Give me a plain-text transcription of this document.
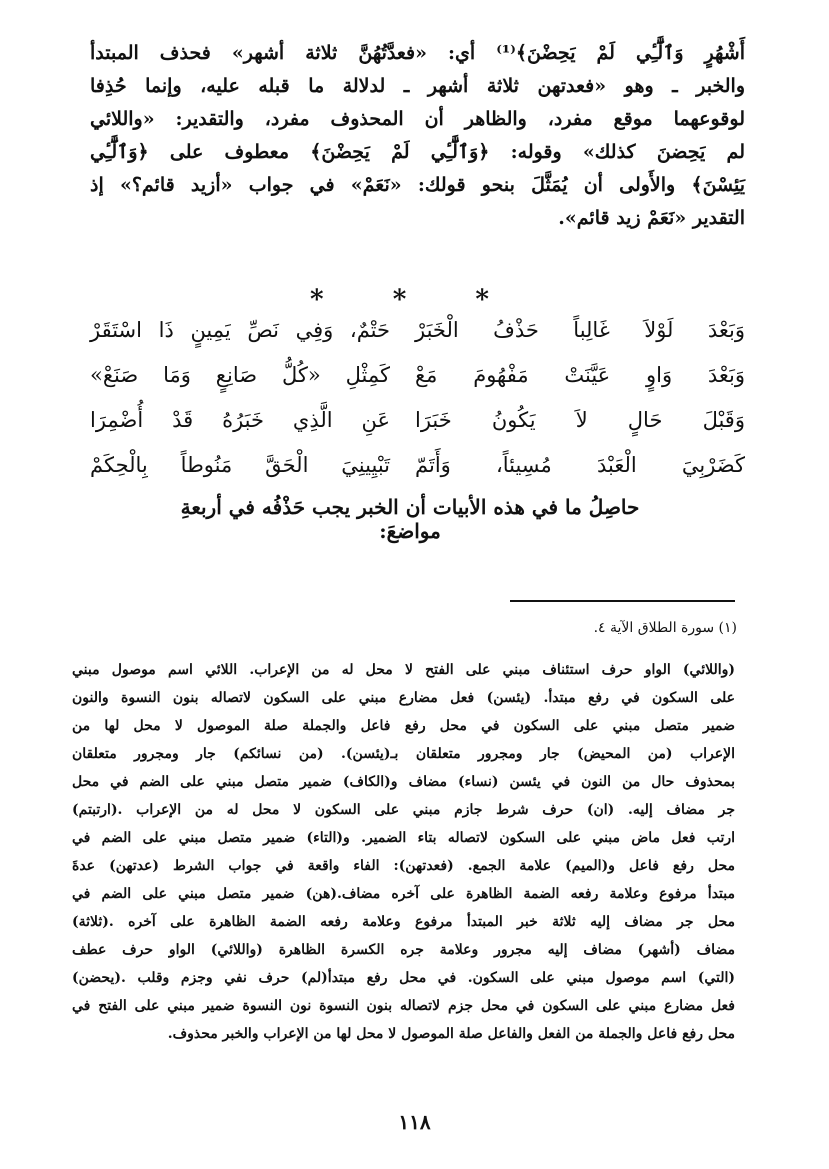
أَشْهُرٍ وَٱلَّٰٓـِٔي لَمْ يَحِضْنَ﴾⁽¹⁾ أي: «فعدَّتُهُنَّ ثلاثة أشهر» فحذف المبتدأ
والخبر ـ وهو «فعدتهن ثلاثة أشهر ـ لدلالة ما قبله عليه، وإنما حُذِفا
لوقوعهما موقع مفرد، والظاهر أن المحذوف مفرد، والتقدير: «واللائي
لم يَحِضنَ كذلك» وقوله: ﴿وَٱلَّٰٓـِٔي لَمْ يَحِضْنَ﴾ معطوف على ﴿وَٱلَّٰٓـِٔي
يَئِسْنَ﴾ والأَولى أن يُمَثَّلَ بنحو قولك: «نَعَمْ» في جواب «أزيد قائم؟» إذ
التقدير «نَعَمْ زيد قائم».
* * *
وَبَعْدَ لَوْلاَ غَالِباً حَذْفُ الْخَبَرْ
حَتْمٌ، وَفِي نَصِّ يَمِينٍ ذَا اسْتَقَرْ
وَبَعْدَ وَاوٍ عَيَّنَتْ مَفْهُومَ مَعْ
كَمِثْلِ «كُلُّ صَانِعٍ وَمَا صَنَعْ»
وَقَبْلَ حَالٍ لاَ يَكُونُ خَبَرَا
عَنِ الَّذِي خَبَرُهُ قَدْ أُضْمِرَا
كَضَرْبِيَ الْعَبْدَ مُسِيئاً، وَأَتَمّ
تَبْيِينِيَ الْحَقَّ مَنُوطاً بِالْحِكَمْ
حاصِلُ ما في هذه الأبيات أن الخبر يجب حَذْفُه في أربعةِ مواضعَ:
(١) سورة الطلاق الآية ٤.
(واللائي) الواو حرف استئناف مبني على الفتح لا محل له من الإعراب. اللائي اسم موصول مبني
على السكون في رفع مبتدأ. (يئسن) فعل مضارع مبني على السكون لاتصاله بنون النسوة والنون
ضمير متصل مبني على السكون في محل رفع فاعل والجملة صلة الموصول لا محل لها من
الإعراب (من المحيض) جار ومجرور متعلقان بـ(يئسن). (من نسائكم) جار ومجرور متعلقان
بمحذوف حال من النون في يئسن (نساء) مضاف و(الكاف) ضمير متصل مبني على الضم في محل
جر مضاف إليه. (ان) حرف شرط جازم مبني على السكون لا محل له من الإعراب .(ارتبتم)
ارتب فعل ماض مبني على السكون لاتصاله بتاء الضمير. و(التاء) ضمير متصل مبني على الضم في
محل رفع فاعل و(الميم) علامة الجمع. (فعدتهن): الفاء واقعة في جواب الشرط (عدتهن) عدةَ
مبتدأ مرفوع وعلامة رفعه الضمة الظاهرة على آخره مضاف.(هن) ضمير متصل مبني على الضم في
محل جر مضاف إليه ثلاثة خبر المبتدأ مرفوع وعلامة رفعه الضمة الظاهرة على آخره .(ثلاثة)
مضاف (أشهر) مضاف إليه مجرور وعلامة جره الكسرة الظاهرة (واللائي) الواو حرف عطف
(التي) اسم موصول مبني على السكون. في محل رفع مبتدأ(لم) حرف نفي وجزم وقلب .(يحضن)
فعل مضارع مبني على السكون في محل جزم لاتصاله بنون النسوة نون النسوة ضمير مبني على الفتح في
محل رفع فاعل والجملة من الفعل والفاعل صلة الموصول لا محل لها من الإعراب والخبر محذوف.
١١٨
